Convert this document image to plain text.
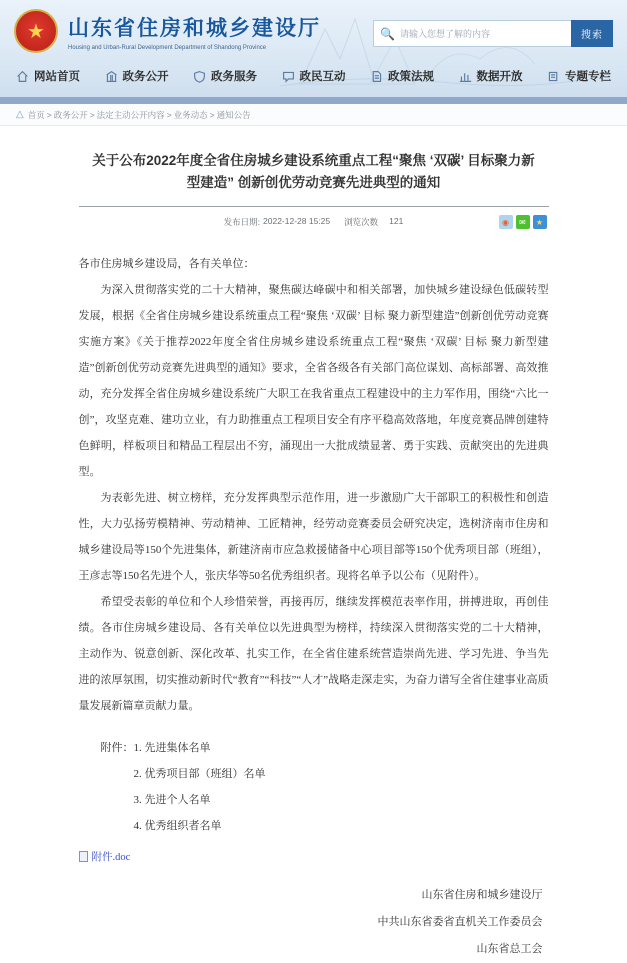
★	山东省住房和城乡建设厅
Housing and Urban-Rural Development Department of Shandong Province
🔍
请输入您想了解的内容	搜索
网站首页	政务公开	政务服务	政民互动	政策法规	数据开放	专题专栏
△ 首页 > 政务公开 > 法定主动公开内容 > 业务动态 > 通知公告
关于公布2022年度全省住房城乡建设系统重点工程“聚焦 ‘双碳’ 目标聚力新型建造” 创新创优劳动竞赛先进典型的通知
发布日期: 2022-12-28 15:25 浏览次数 121	◉	✉	★

各市住房城乡建设局，各有关单位：

为深入贯彻落实党的二十大精神，聚焦碳达峰碳中和相关部署，加快城乡建设绿色低碳转型发展，根据《全省住房城乡建设系统重点工程“聚焦 ‘双碳’ 目标 聚力新型建造”创新创优劳动竞赛实施方案》《关于推荐2022年度全省住房城乡建设系统重点工程“聚焦 ‘双碳’ 目标 聚力新型建造”创新创优劳动竞赛先进典型的通知》要求，全省各级各有关部门高位谋划、高标部署、高效推动，充分发挥全省住房城乡建设系统广大职工在我省重点工程建设中的主力军作用，围绕“六比一创”，攻坚克难、建功立业，有力助推重点工程项目安全有序平稳高效落地，年度竞赛品牌创建特色鲜明，样板项目和精品工程层出不穷，涌现出一大批成绩显著、勇于实践、贡献突出的先进典型。

为表彰先进、树立榜样，充分发挥典型示范作用，进一步激励广大干部职工的积极性和创造性，大力弘扬劳模精神、劳动精神、工匠精神，经劳动竞赛委员会研究决定，选树济南市住房和城乡建设局等150个先进集体，新建济南市应急救援储备中心项目部等150个优秀项目部（班组），王彦志等150名先进个人，张庆华等50名优秀组织者。现将名单予以公布（见附件）。

希望受表彰的单位和个人珍惜荣誉，再接再厉，继续发挥模范表率作用，拼搏进取，再创佳绩。各市住房城乡建设局、各有关单位以先进典型为榜样，持续深入贯彻落实党的二十大精神，主动作为、锐意创新、深化改革、扎实工作，在全省住建系统营造崇尚先进、学习先进、争当先进的浓厚氛围，切实推动新时代“教育”“科技”“人才”战略走深走实，为奋力谱写全省住建事业高质量发展新篇章贡献力量。

附件：1. 先进集体名单
2. 优秀项目部（班组）名单
3. 先进个人名单
4. 优秀组织者名单
附件.doc
山东省住房和城乡建设厅
中共山东省委省直机关工作委员会
山东省总工会
